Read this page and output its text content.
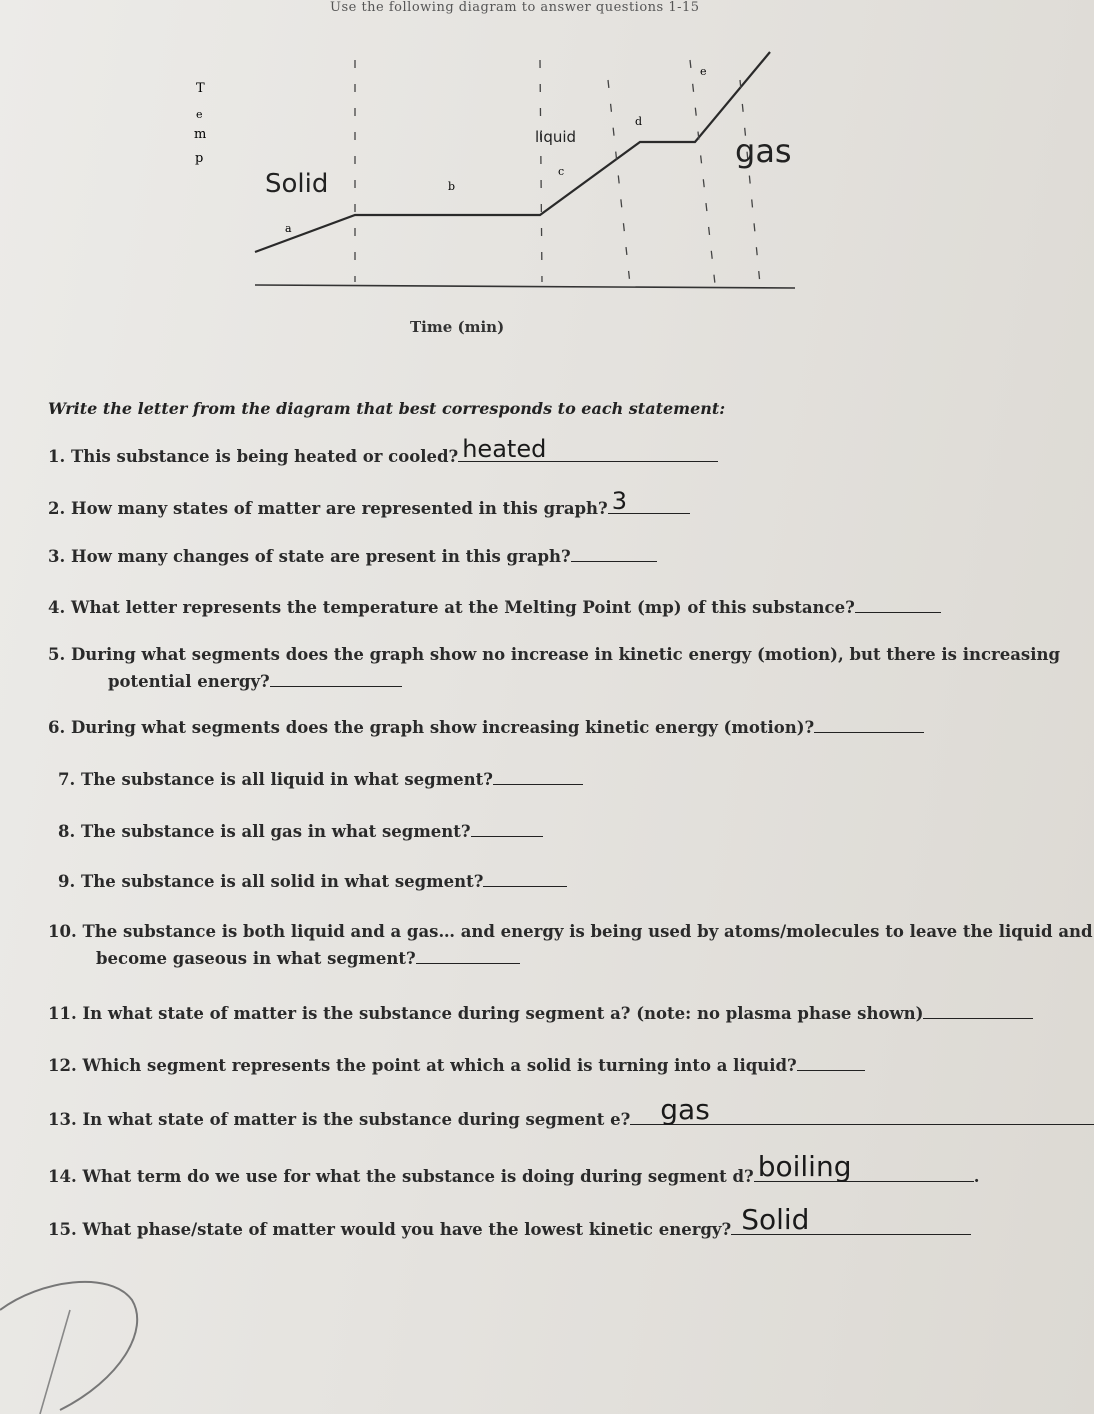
Use the following diagram to answer questions 1-15
T
e
m
p
a
b
c
d
e
Solid
liquid	gas
Time (min)
Write the letter from the diagram that best corresponds to each statement:
1. This substance is being heated or cooled? heated
2. How many states of matter are represented in this graph? 3
3. How many changes of state are present in this graph?
4. What letter represents the temperature at the Melting Point (mp) of this substance?
5. During what segments does the graph show no increase in kinetic energy (motion), but there is increasing
potential energy?
6. During what segments does the graph show increasing kinetic energy (motion)?
7. The substance is all liquid in what segment?
8. The substance is all gas in what segment?
9. The substance is all solid in what segment?
10. The substance is both liquid and a gas… and energy is being used by atoms/molecules to leave the liquid and
become gaseous in what segment?
11. In what state of matter is the substance during segment a? (note: no plasma phase shown)
12. Which segment represents the point at which a solid is turning into a liquid?
13. In what state of matter is the substance during segment e? gas
14. What term do we use for what the substance is doing during segment d? boiling	.
15. What phase/state of matter would you have the lowest kinetic energy? Solid
